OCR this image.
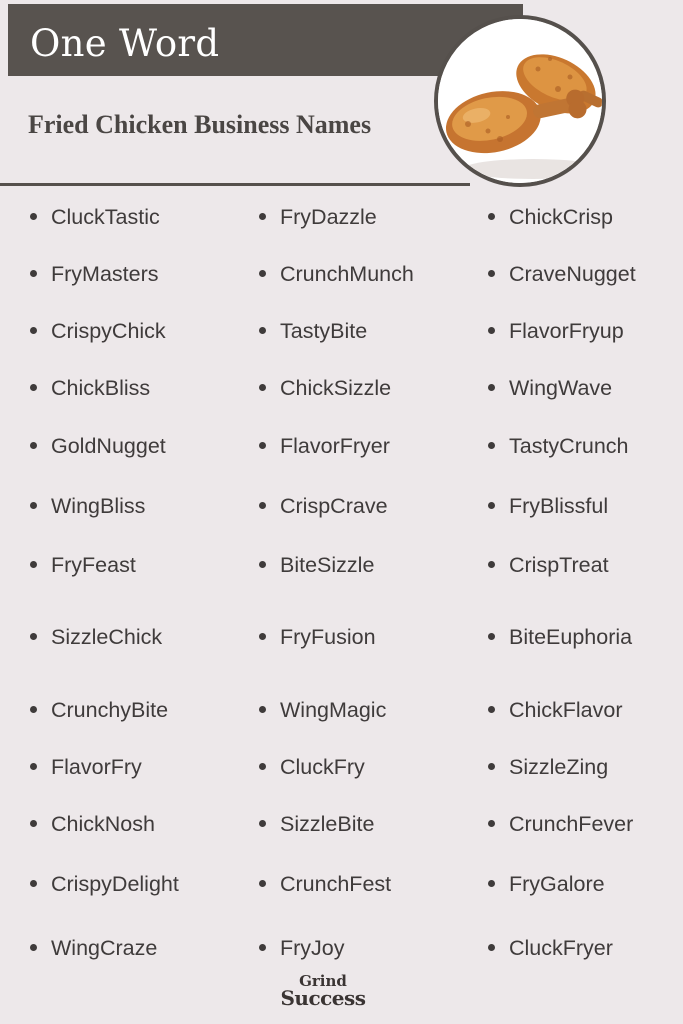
One Word
Fried Chicken Business Names
CluckTastic
FryMasters
CrispyChick
ChickBliss
GoldNugget
WingBliss
FryFeast
SizzleChick
CrunchyBite
FlavorFry
ChickNosh
CrispyDelight
WingCraze
FryDazzle
CrunchMunch
TastyBite
ChickSizzle
FlavorFryer
CrispCrave
BiteSizzle
FryFusion
WingMagic
CluckFry
SizzleBite
CrunchFest
FryJoy
ChickCrisp
CraveNugget
FlavorFryup
WingWave
TastyCrunch
FryBlissful
CrispTreat
BiteEuphoria
ChickFlavor
SizzleZing
CrunchFever
FryGalore
CluckFryer
Grind
Success
